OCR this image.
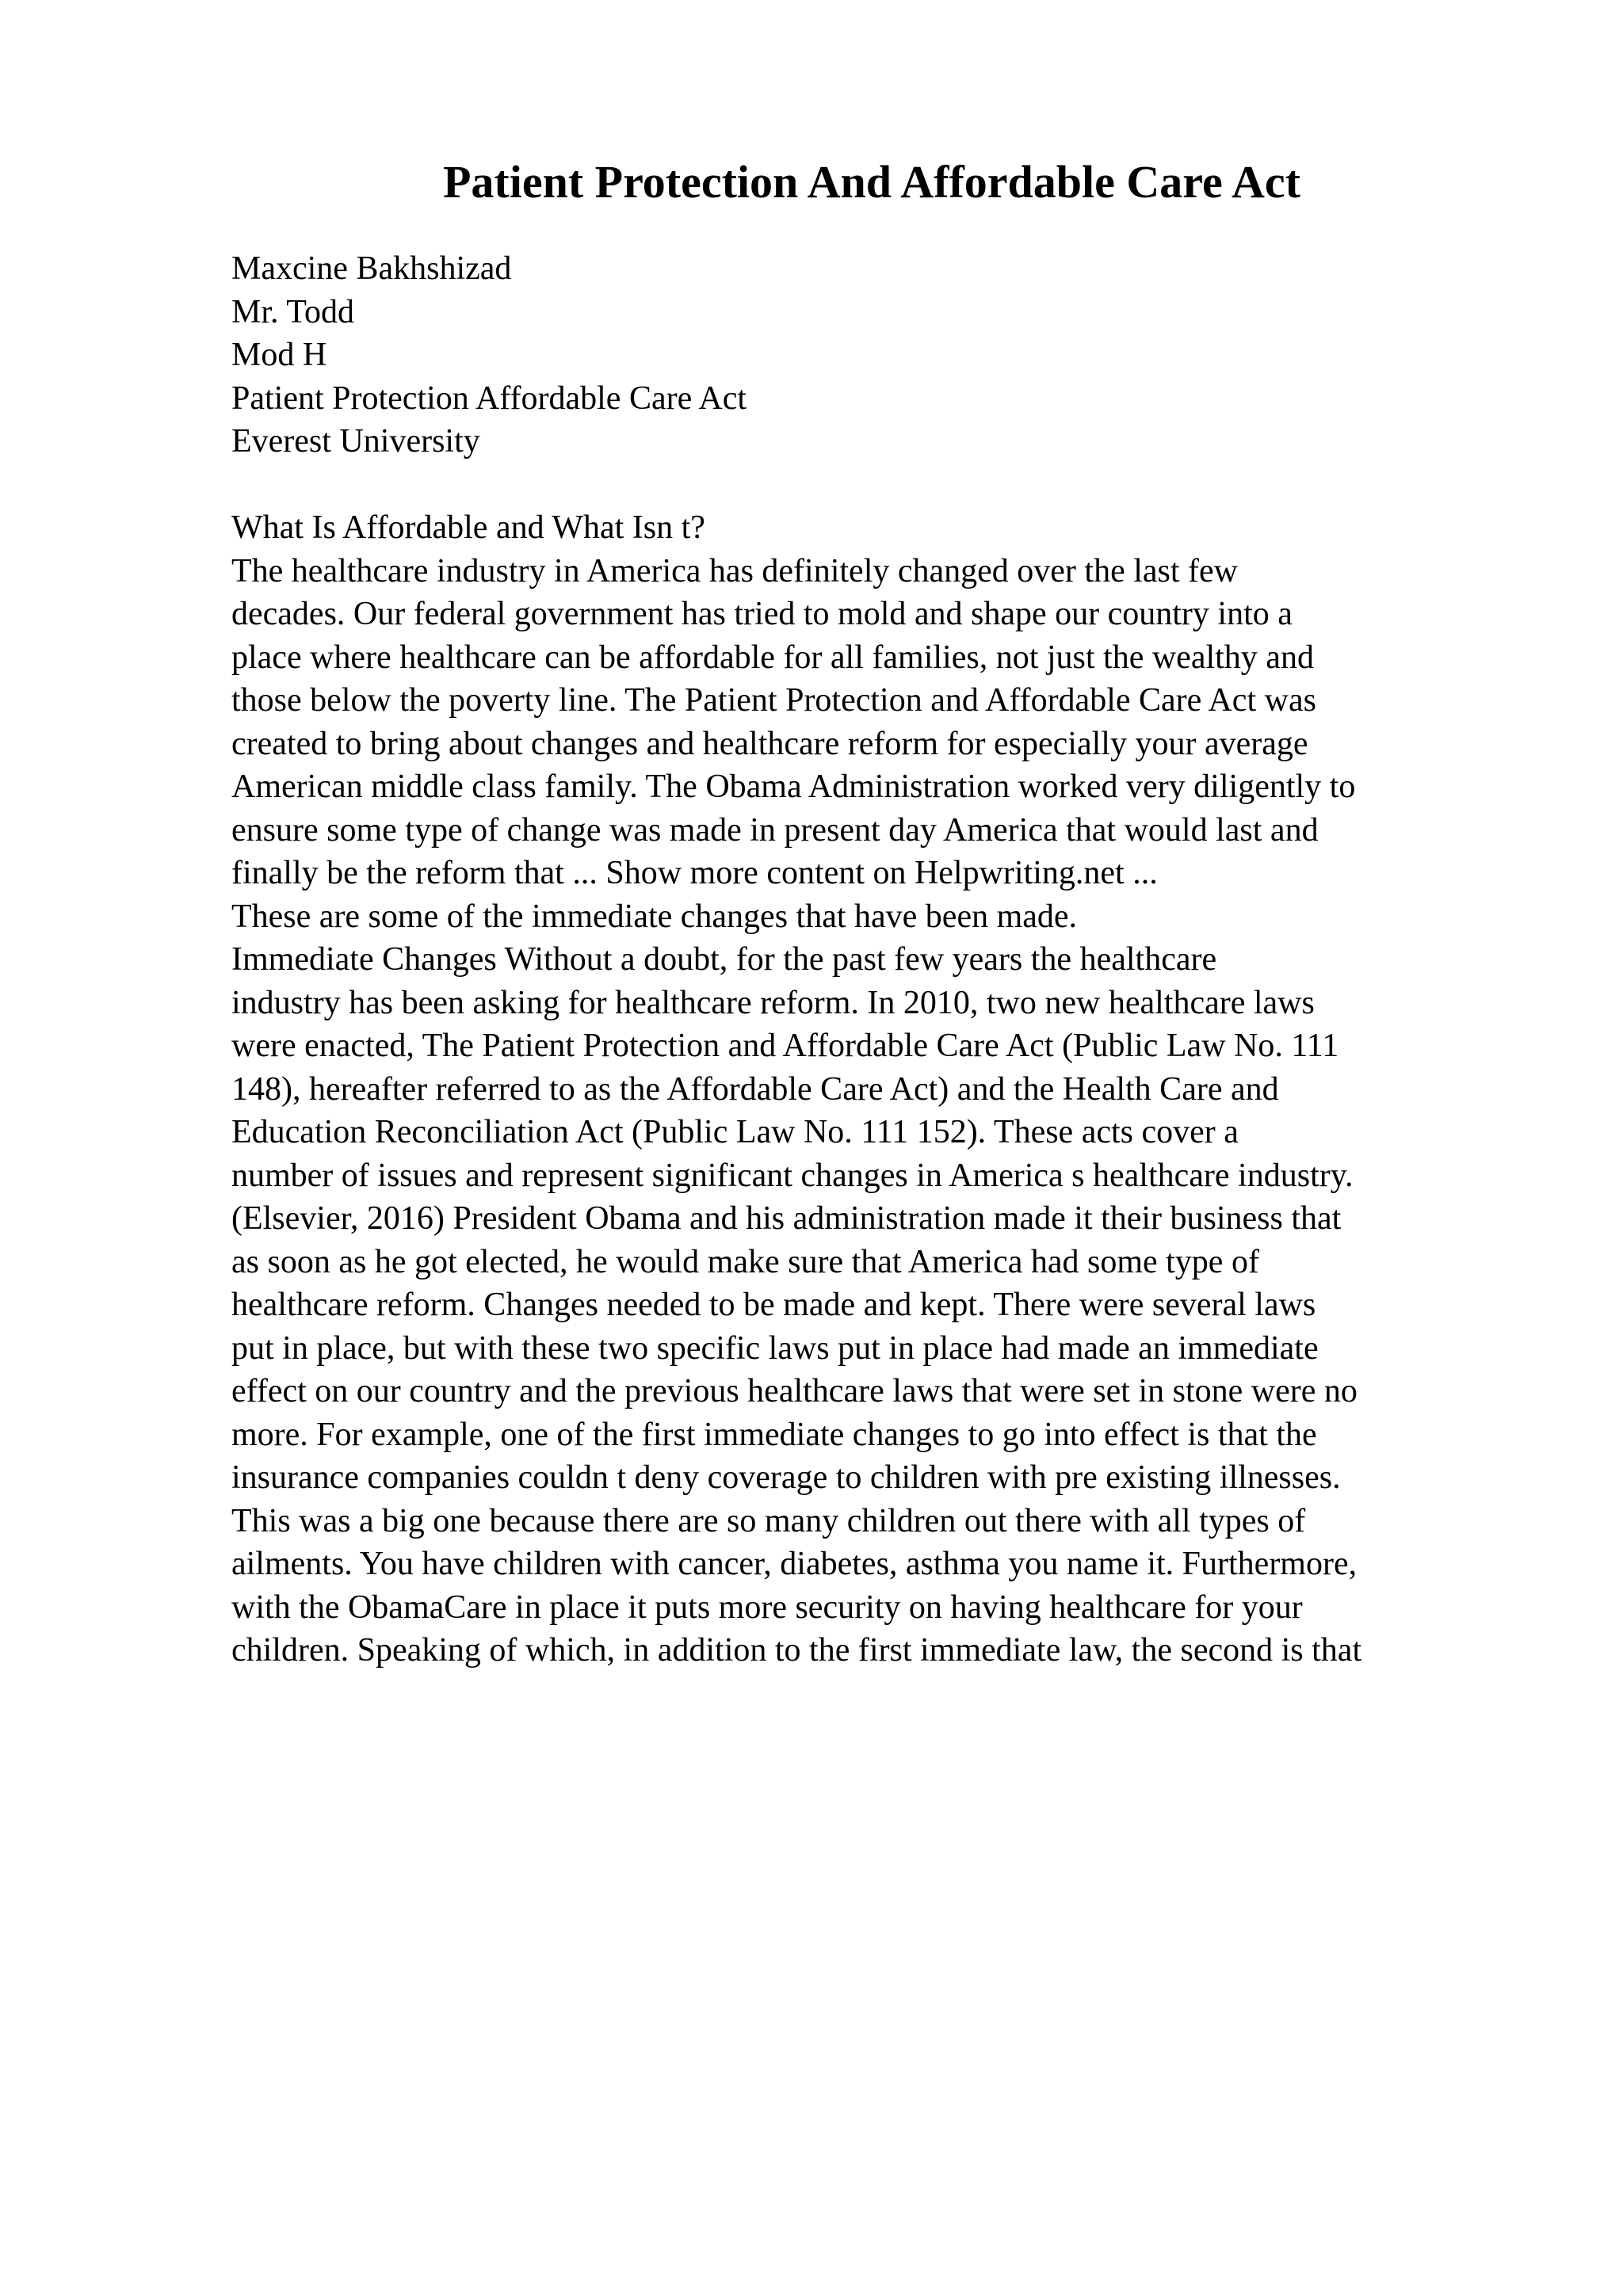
Patient Protection And Affordable Care Act
Maxcine Bakhshizad
Mr. Todd
Mod H
Patient Protection Affordable Care Act
Everest University
What Is Affordable and What Isn t?
The healthcare industry in America has definitely changed over the last few
decades. Our federal government has tried to mold and shape our country into a
place where healthcare can be affordable for all families, not just the wealthy and
those below the poverty line. The Patient Protection and Affordable Care Act was
created to bring about changes and healthcare reform for especially your average
American middle class family. The Obama Administration worked very diligently to
ensure some type of change was made in present day America that would last and
finally be the reform that ... Show more content on Helpwriting.net ...
These are some of the immediate changes that have been made.
Immediate Changes Without a doubt, for the past few years the healthcare
industry has been asking for healthcare reform. In 2010, two new healthcare laws
were enacted, The Patient Protection and Affordable Care Act (Public Law No. 111
148), hereafter referred to as the Affordable Care Act) and the Health Care and
Education Reconciliation Act (Public Law No. 111 152). These acts cover a
number of issues and represent significant changes in America s healthcare industry.
(Elsevier, 2016) President Obama and his administration made it their business that
as soon as he got elected, he would make sure that America had some type of
healthcare reform. Changes needed to be made and kept. There were several laws
put in place, but with these two specific laws put in place had made an immediate
effect on our country and the previous healthcare laws that were set in stone were no
more. For example, one of the first immediate changes to go into effect is that the
insurance companies couldn t deny coverage to children with pre existing illnesses.
This was a big one because there are so many children out there with all types of
ailments. You have children with cancer, diabetes, asthma you name it. Furthermore,
with the ObamaCare in place it puts more security on having healthcare for your
children. Speaking of which, in addition to the first immediate law, the second is that
